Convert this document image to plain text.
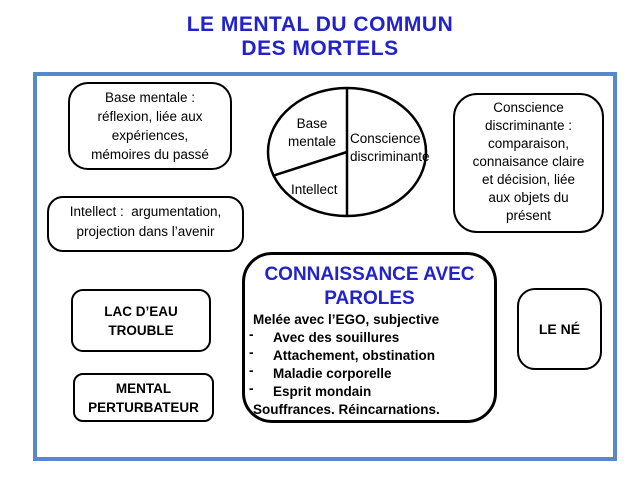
LE MENTAL DU COMMUN
DES MORTELS
Base mentale :
réflexion, liée aux
expériences,
mémoires du passé
Base
mentale	Conscience
discriminante
Intellect
Conscience
discriminante :
comparaison,
connaisance claire
et décision, liée
aux objets du
présent
Intellect :  argumentation,
projection dans l’avenir
LAC D’EAU
TROUBLE
MENTAL
PERTURBATEUR
LE NÉ
CONNAISSANCE AVEC
PAROLES
Melée avec l’EGO, subjective
-	Avec des souillures
-	Attachement, obstination
-	Maladie corporelle
-	Esprit mondain
Souffrances. Réincarnations.
